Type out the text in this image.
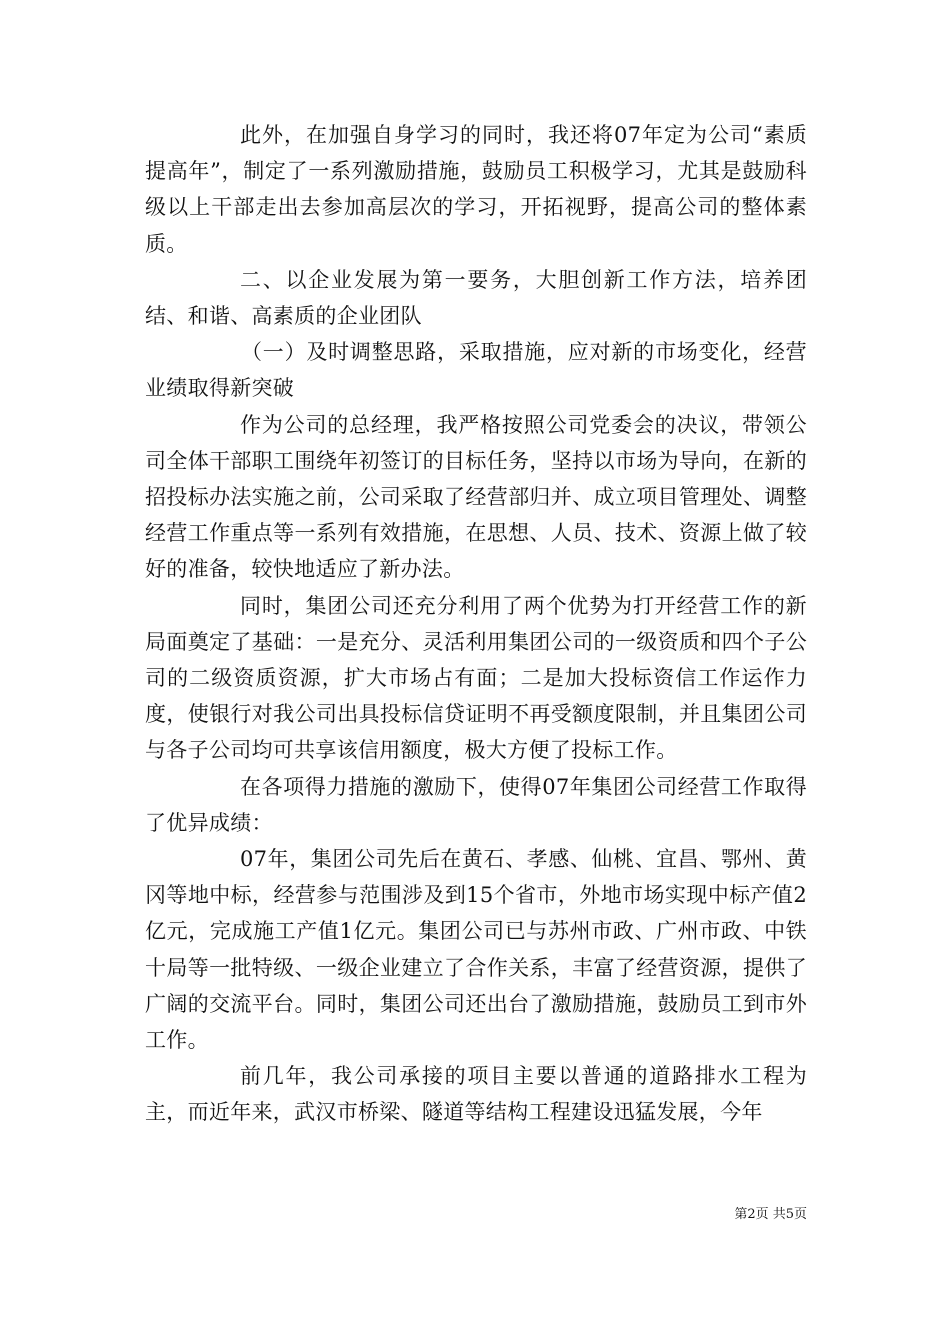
此外，在加强自身学习的同时，我还将07年定为公司“素质提高年”，制定了一系列激励措施，鼓励员工积极学习，尤其是鼓励科级以上干部走出去参加高层次的学习，开拓视野，提高公司的整体素质。

二、以企业发展为第一要务，大胆创新工作方法，培养团结、和谐、高素质的企业团队

（一）及时调整思路，采取措施，应对新的市场变化，经营业绩取得新突破

作为公司的总经理，我严格按照公司党委会的决议，带领公司全体干部职工围绕年初签订的目标任务，坚持以市场为导向，在新的招投标办法实施之前，公司采取了经营部归并、成立项目管理处、调整经营工作重点等一系列有效措施，在思想、人员、技术、资源上做了较好的准备，较快地适应了新办法。

同时，集团公司还充分利用了两个优势为打开经营工作的新局面奠定了基础：一是充分、灵活利用集团公司的一级资质和四个子公司的二级资质资源，扩大市场占有面；二是加大投标资信工作运作力度，使银行对我公司出具投标信贷证明不再受额度限制，并且集团公司与各子公司均可共享该信用额度，极大方便了投标工作。

在各项得力措施的激励下，使得07年集团公司经营工作取得了优异成绩：

07年，集团公司先后在黄石、孝感、仙桃、宜昌、鄂州、黄冈等地中标，经营参与范围涉及到15个省市，外地市场实现中标产值2亿元，完成施工产值1亿元。集团公司已与苏州市政、广州市政、中铁十局等一批特级、一级企业建立了合作关系，丰富了经营资源，提供了广阔的交流平台。同时，集团公司还出台了激励措施，鼓励员工到市外工作。

前几年，我公司承接的项目主要以普通的道路排水工程为主，而近年来，武汉市桥梁、隧道等结构工程建设迅猛发展，今年

第2页 共5页
